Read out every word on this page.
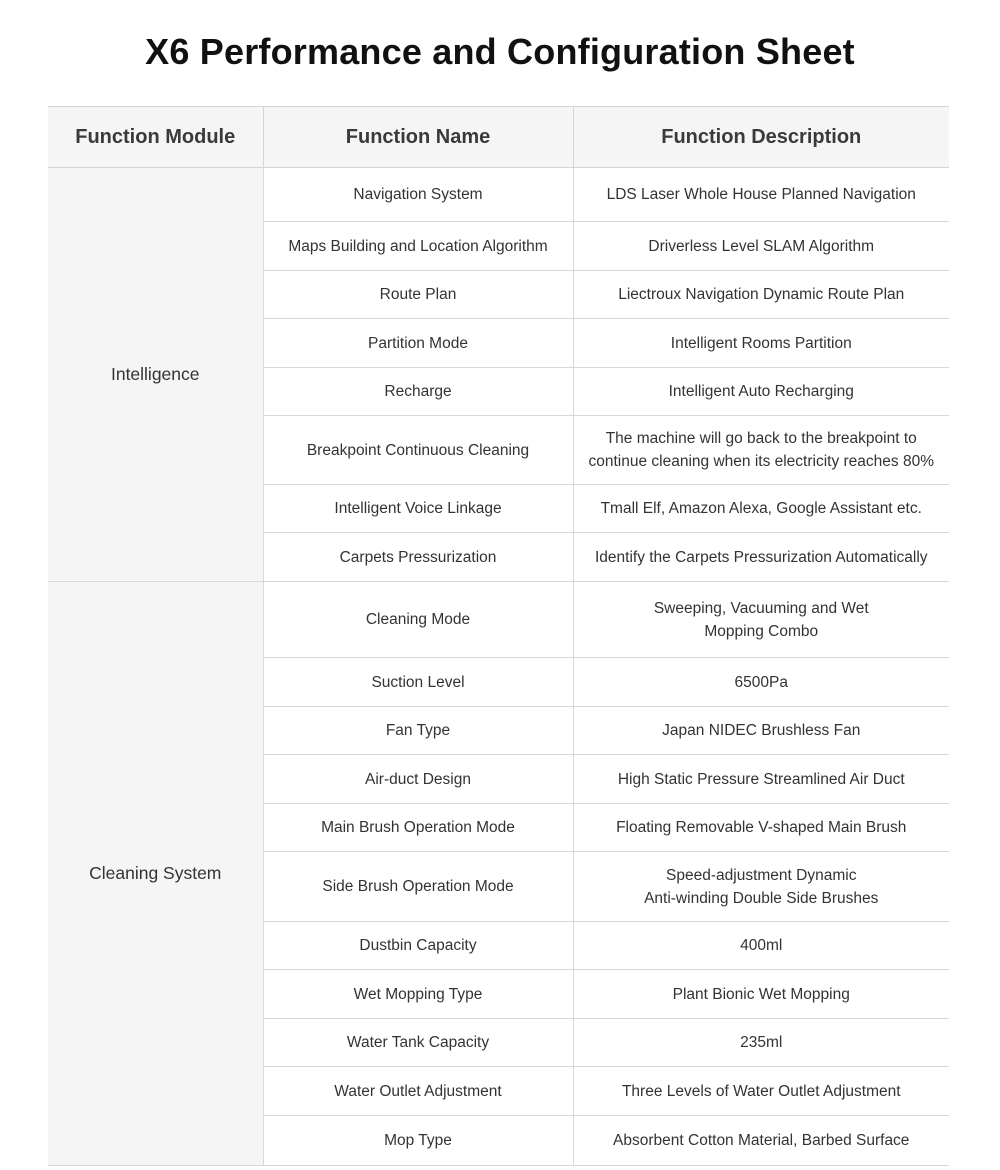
X6 Performance and Configuration Sheet
Function Module	Function Name	Function Description
Intelligence	Navigation System	LDS Laser Whole House Planned Navigation
	Maps Building and Location Algorithm	Driverless Level SLAM Algorithm
	Route Plan	Liectroux Navigation Dynamic Route Plan
	Partition Mode	Intelligent Rooms Partition
	Recharge	Intelligent Auto Recharging
	Breakpoint Continuous Cleaning	The machine will go back to the breakpoint to
continue cleaning when its electricity reaches 80%
	Intelligent Voice Linkage	Tmall Elf, Amazon Alexa, Google Assistant etc.
	Carpets Pressurization	Identify the Carpets Pressurization Automatically
Cleaning System	Cleaning Mode	Sweeping, Vacuuming and Wet
Mopping Combo
	Suction Level	6500Pa
	Fan Type	Japan NIDEC Brushless Fan
	Air-duct Design	High Static Pressure Streamlined Air Duct
	Main Brush Operation Mode	Floating Removable V-shaped Main Brush
	Side Brush Operation Mode	Speed-adjustment Dynamic
Anti-winding Double Side Brushes
	Dustbin Capacity	400ml
	Wet Mopping Type	Plant Bionic Wet Mopping
	Water Tank Capacity	235ml
	Water Outlet Adjustment	Three Levels of Water Outlet Adjustment
	Mop Type	Absorbent Cotton Material, Barbed Surface
